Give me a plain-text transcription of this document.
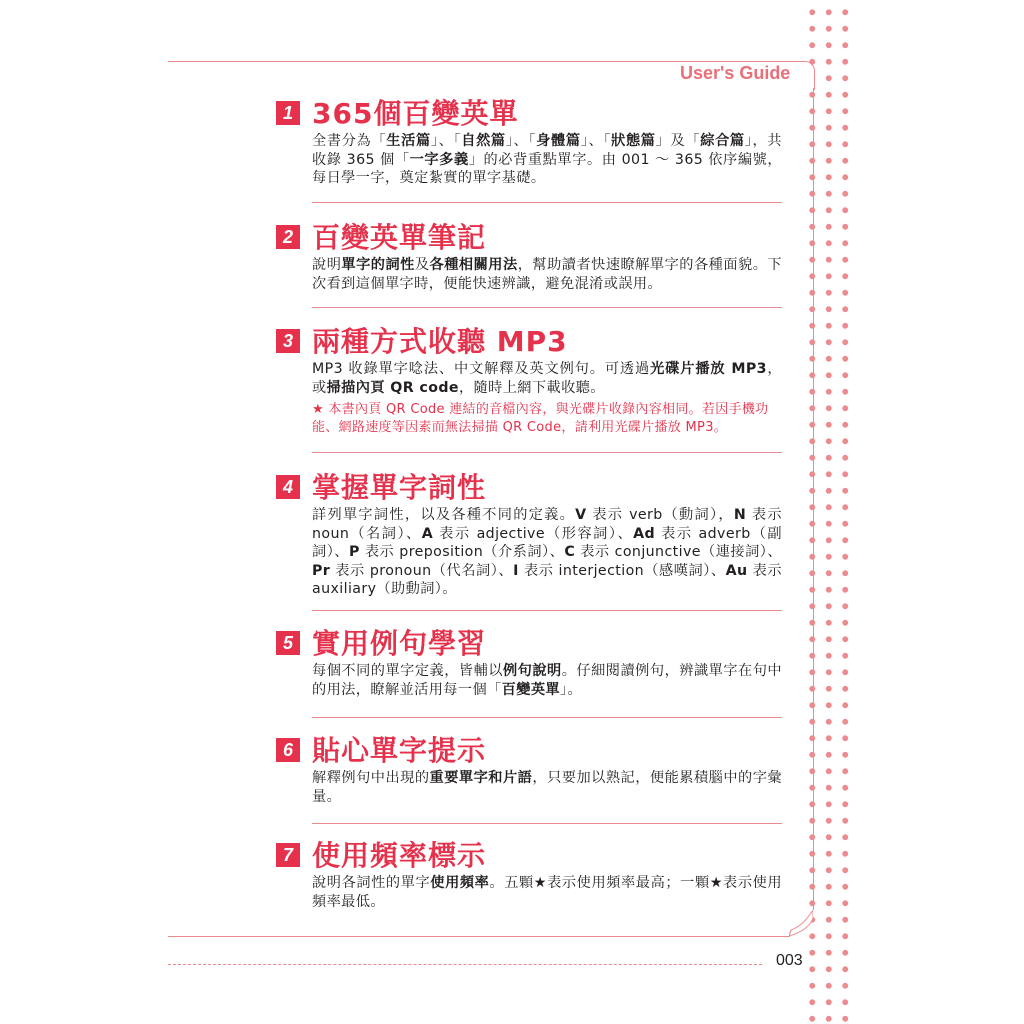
003
User's Guide
1 365個百變英單
全書分為「生活篇」、「自然篇」、「身體篇」、「狀態篇」及「綜合篇」，共收錄 365 個「一字多義」的必背重點單字。由 001 ～ 365 依序編號，每日學一字，奠定紮實的單字基礎。
2 百變英單筆記
說明單字的詞性及各種相關用法，幫助讀者快速瞭解單字的各種面貌。下次看到這個單字時，便能快速辨識，避免混淆或誤用。
3 兩種方式收聽 MP3
MP3 收錄單字唸法、中文解釋及英文例句。可透過光碟片播放 MP3，或掃描內頁 QR code，隨時上網下載收聽。
★ 本書內頁 QR Code 連結的音檔內容，與光碟片收錄內容相同。若因手機功能、網路速度等因素而無法掃描 QR Code，請利用光碟片播放 MP3。
4 掌握單字詞性
詳列單字詞性，以及各種不同的定義。V 表示 verb（動詞），N 表示 noun（名詞）、A 表示 adjective（形容詞）、Ad 表示 adverb（副詞）、P 表示 preposition（介系詞）、C 表示 conjunctive（連接詞）、Pr 表示 pronoun（代名詞）、I 表示 interjection（感嘆詞）、Au 表示 auxiliary（助動詞）。
5 實用例句學習
每個不同的單字定義，皆輔以例句說明。仔細閱讀例句，辨識單字在句中的用法，瞭解並活用每一個「百變英單」。
6 貼心單字提示
解釋例句中出現的重要單字和片語，只要加以熟記，便能累積腦中的字彙量。
7 使用頻率標示
說明各詞性的單字使用頻率。五顆★表示使用頻率最高；一顆★表示使用頻率最低。
